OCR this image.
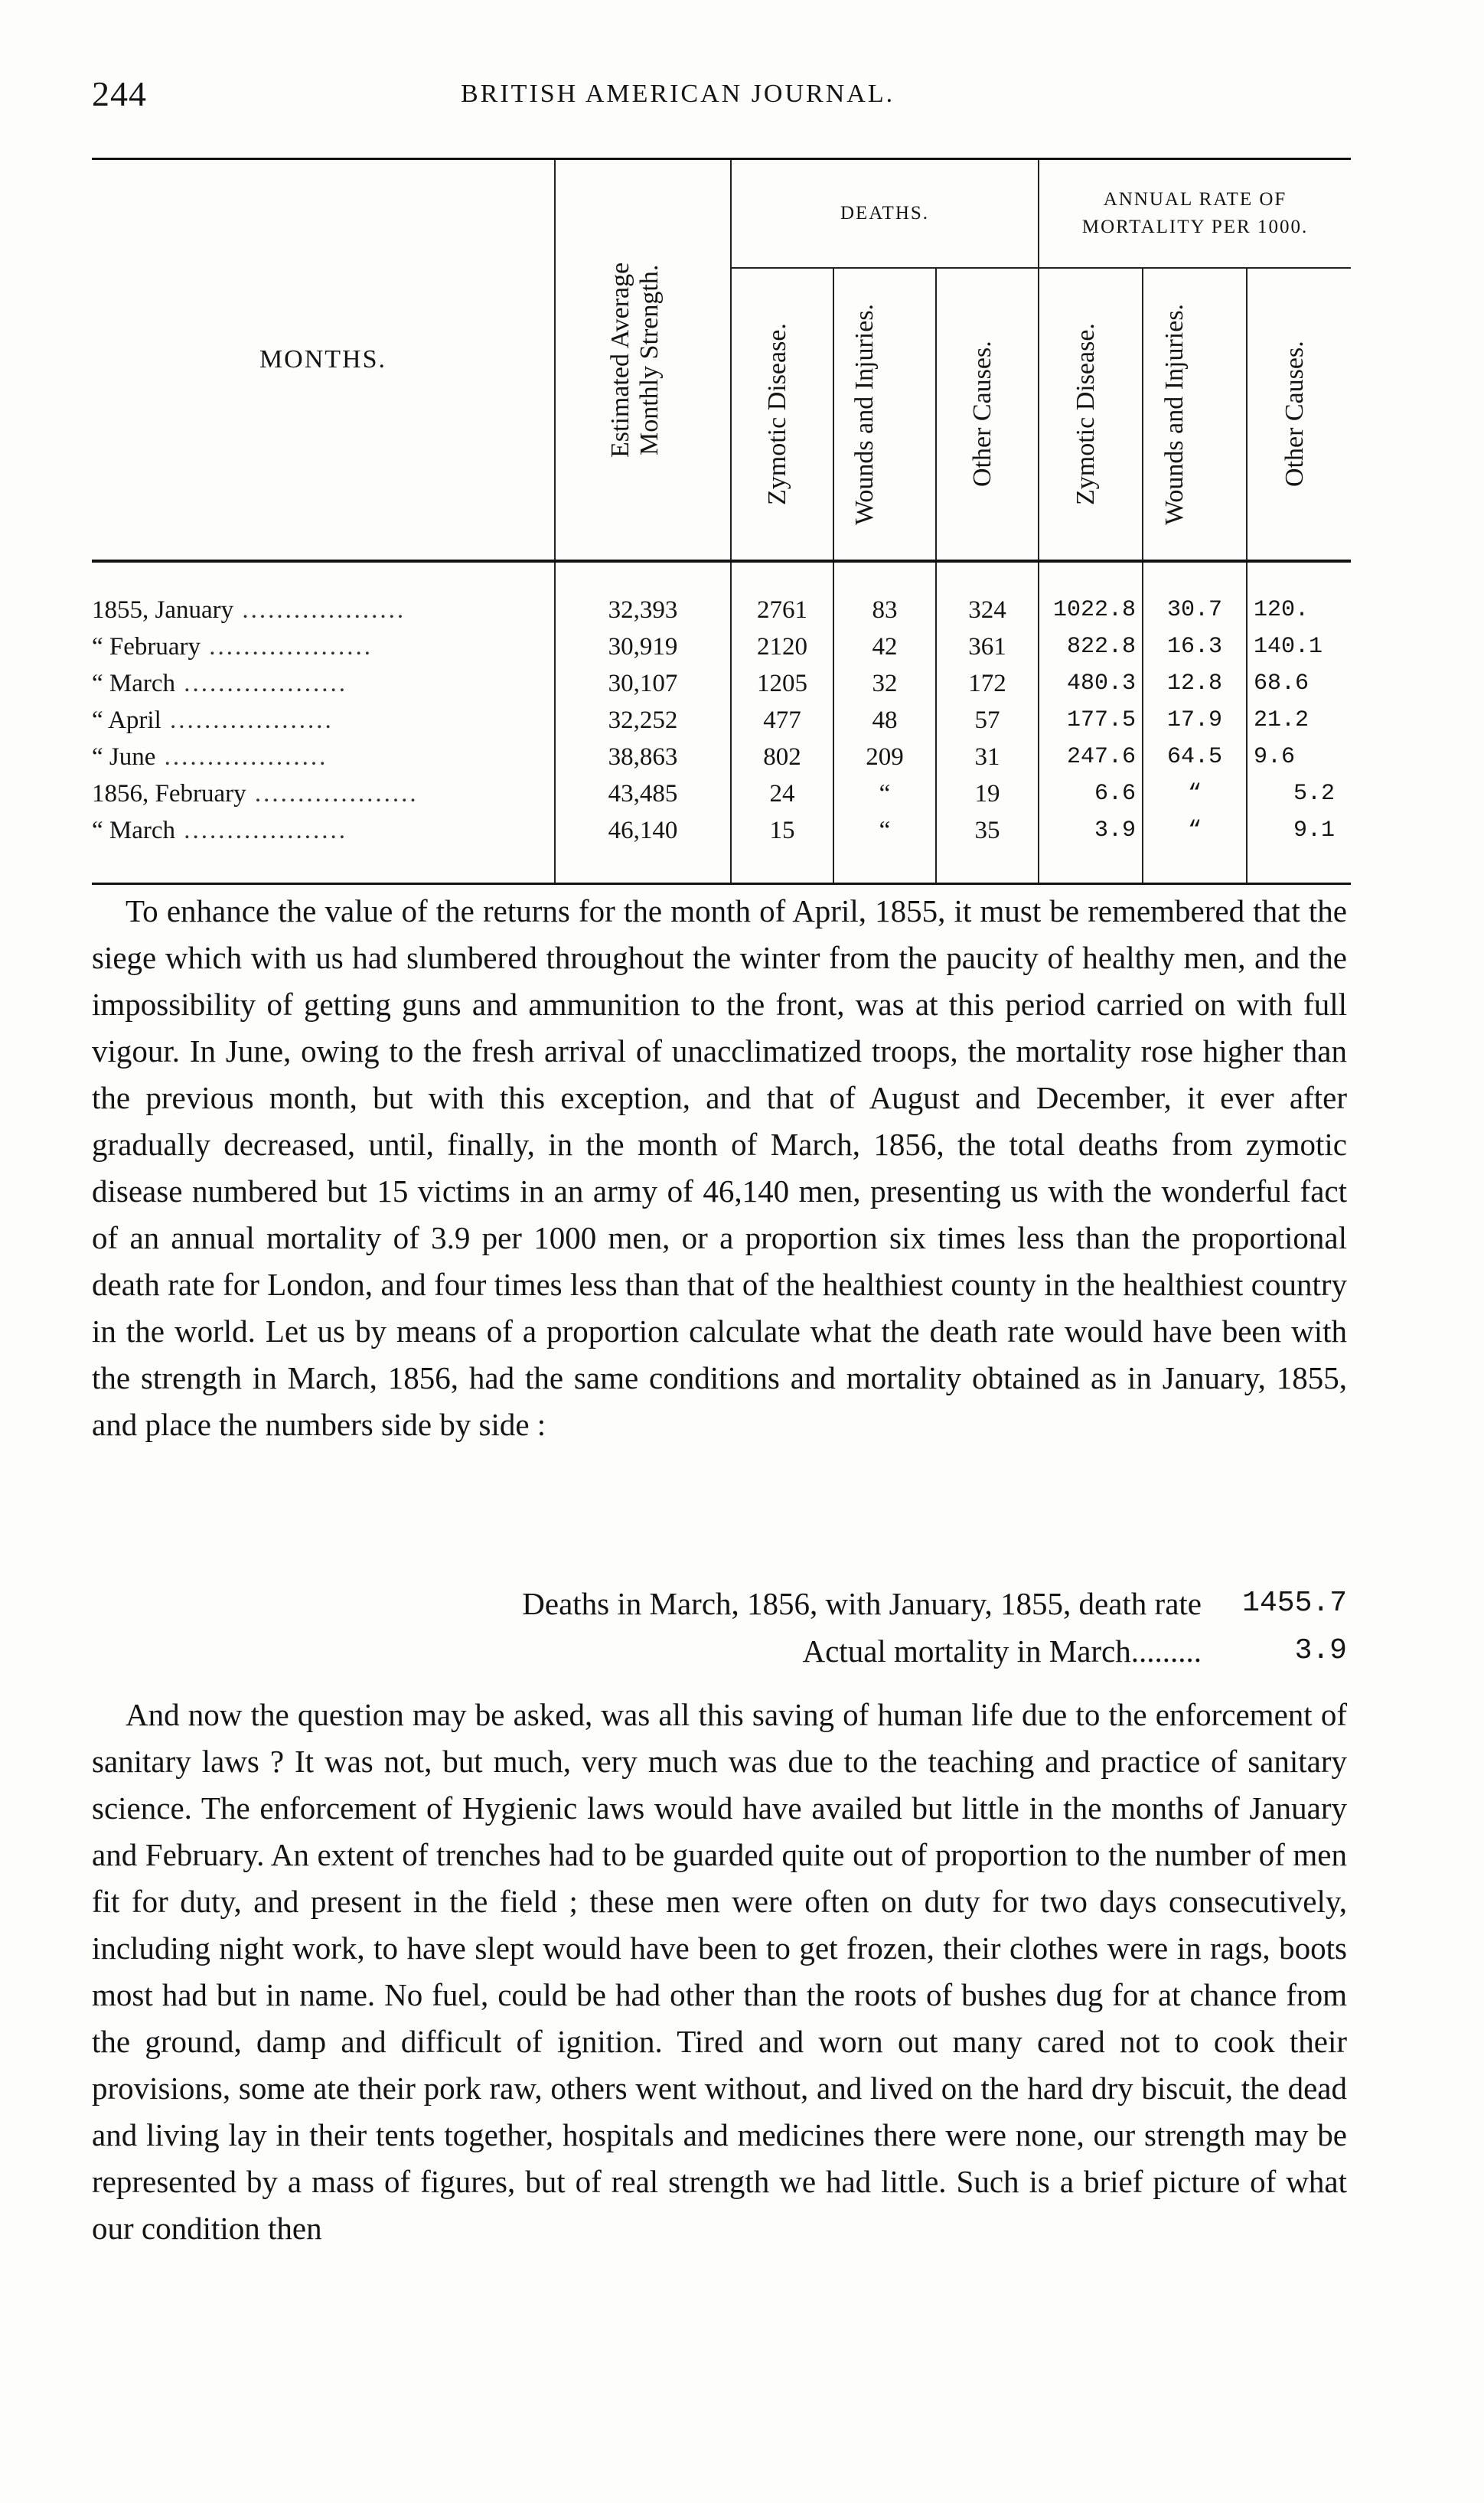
244	BRITISH AMERICAN JOURNAL.
MONTHS.	Estimated Average Monthly Strength.	DEATHS.			ANNUAL RATE OF MORTALITY PER 1000.		

		Zymotic Disease.	Wounds and Injuries.	Other Causes.	Zymotic Disease.	Wounds and Injuries.	Other Causes.

1855, January ...................	32,393	2761	83	324	1022.8	30.7	120.
“ February ...................	30,919	2120	42	361	822.8	16.3	140.1
“ March ...................	30,107	1205	32	172	480.3	12.8	68.6
“ April ...................	32,252	477	48	57	177.5	17.9	21.2
“ June ...................	38,863	802	209	31	247.6	64.5	9.6
1856, February ...................	43,485	24	“	19	6.6	“	5.2
“ March ...................	46,140	15	“	35	3.9	“	9.1

To enhance the value of the returns for the month of April, 1855, it must be remembered that the siege which with us had slumbered throughout the winter from the paucity of healthy men, and the impossibility of getting guns and ammunition to the front, was at this period carried on with full vigour. In June, owing to the fresh arrival of unacclimatized troops, the mortality rose higher than the previous month, but with this exception, and that of August and December, it ever after gradually decreased, until, finally, in the month of March, 1856, the total deaths from zymotic disease numbered but 15 victims in an army of 46,140 men, presenting us with the wonderful fact of an annual mortality of 3.9 per 1000 men, or a proportion six times less than the proportional death rate for London, and four times less than that of the healthiest county in the healthiest country in the world. Let us by means of a proportion calculate what the death rate would have been with the strength in March, 1856, had the same conditions and mortality obtained as in January, 1855, and place the numbers side by side :

Deaths in March, 1856, with January, 1855, death rate	1455.7
Actual mortality in March.........	3.9

And now the question may be asked, was all this saving of human life due to the enforcement of sanitary laws ? It was not, but much, very much was due to the teaching and practice of sanitary science. The enforcement of Hygienic laws would have availed but little in the months of January and February. An extent of trenches had to be guarded quite out of proportion to the number of men fit for duty, and present in the field ; these men were often on duty for two days consecutively, including night work, to have slept would have been to get frozen, their clothes were in rags, boots most had but in name. No fuel, could be had other than the roots of bushes dug for at chance from the ground, damp and difficult of ignition. Tired and worn out many cared not to cook their provisions, some ate their pork raw, others went without, and lived on the hard dry biscuit, the dead and living lay in their tents together, hospitals and medicines there were none, our strength may be represented by a mass of figures, but of real strength we had little. Such is a brief picture of what our condition then
